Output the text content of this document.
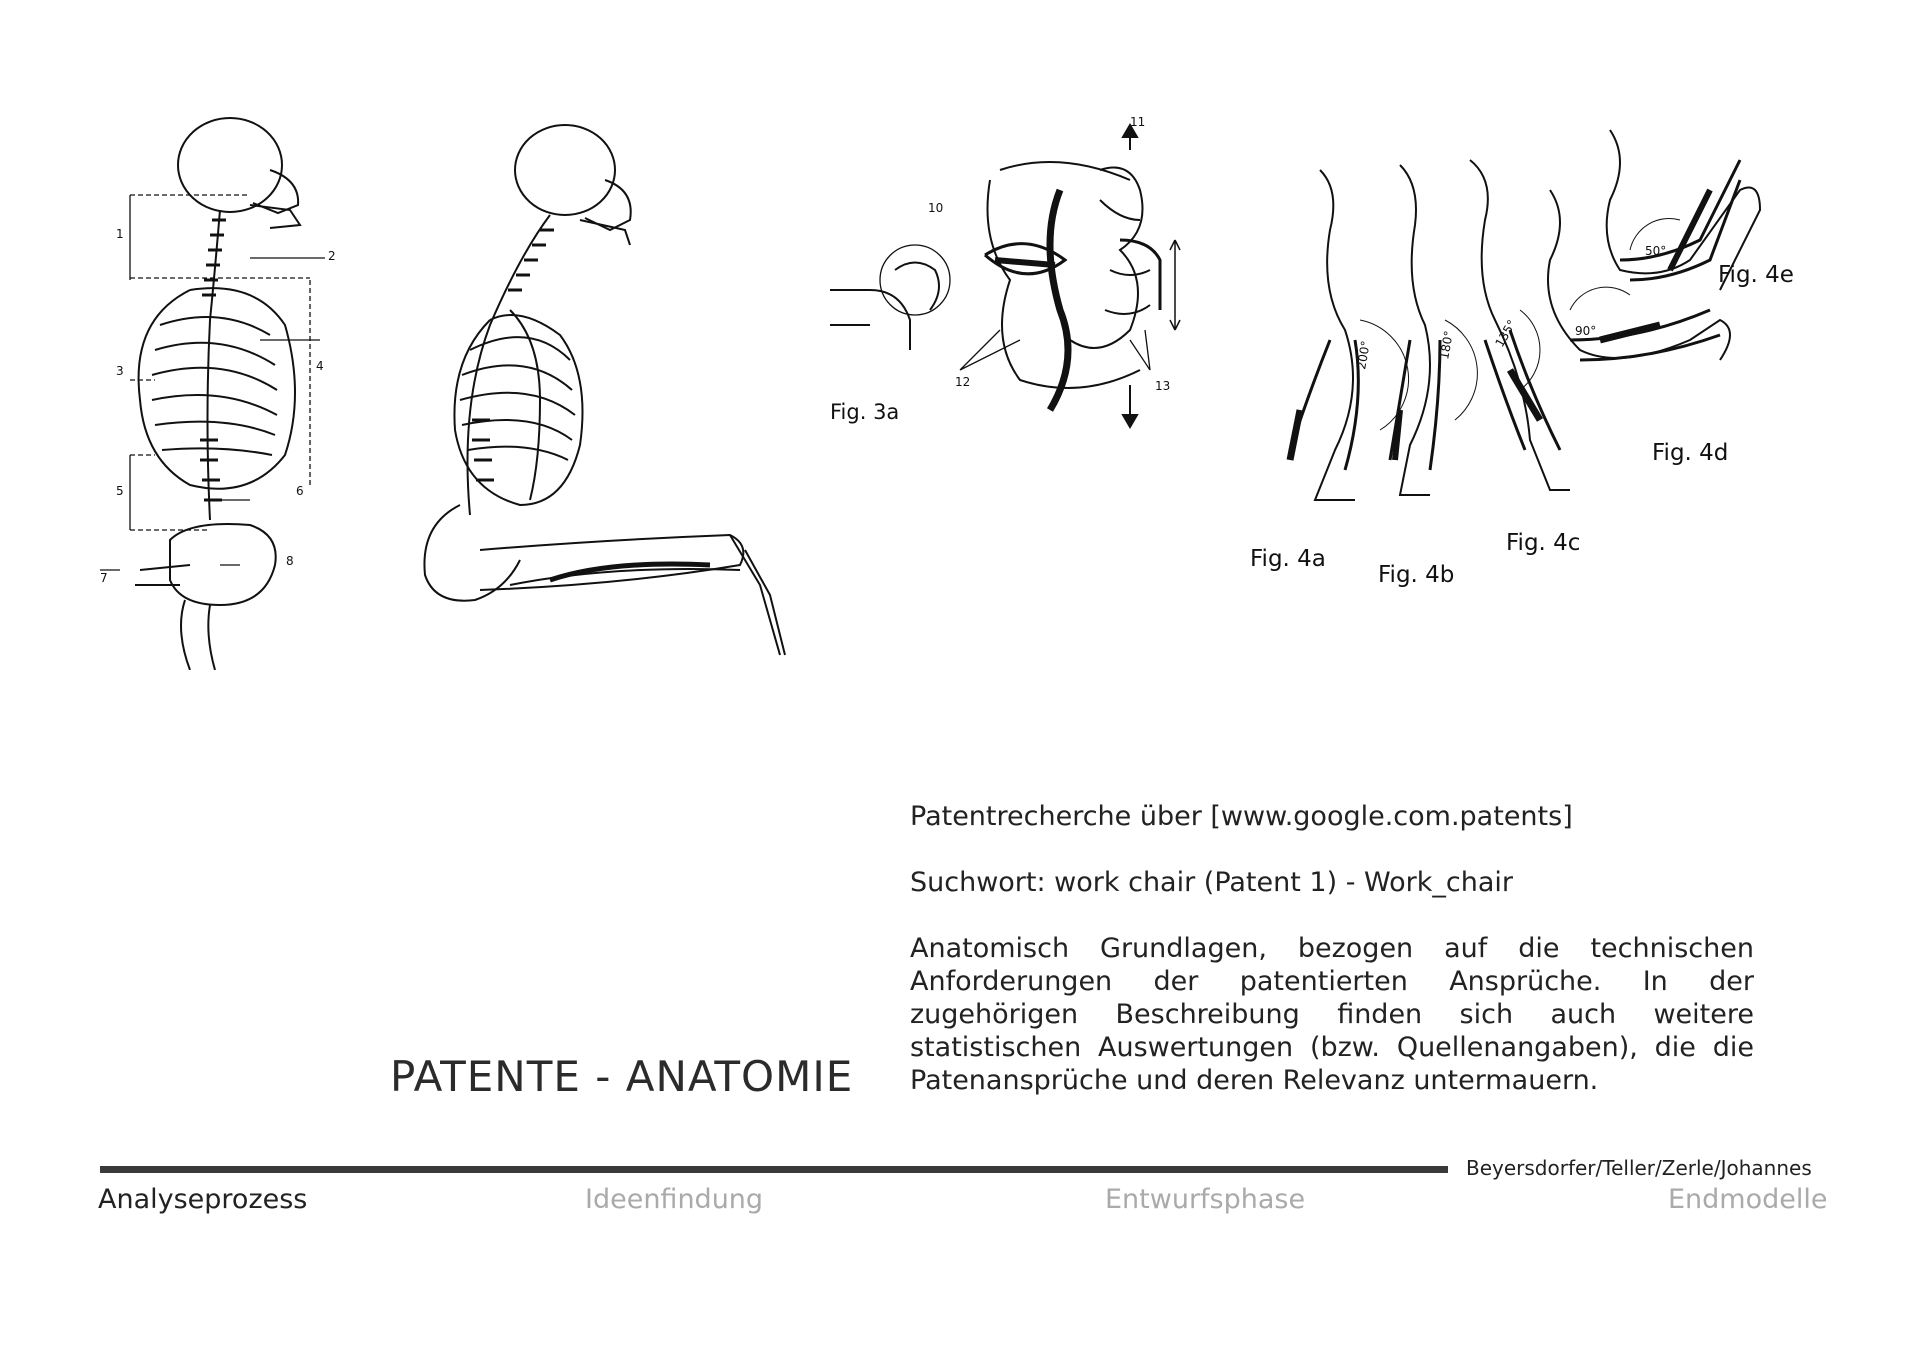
1
2
3	4
5	6
7
8
10
11
12	13
Fig. 3a
200°	180°	135°	90°
50°
Fig. 4a
Fig. 4b
Fig. 4c
Fig. 4d
Fig. 4e
PATENTE - ANATOMIE

Patentrecherche über [www.google.com.patents]

Suchwort: work chair (Patent 1) - Work_chair

Anatomisch Grundlagen, bezogen auf die technischen Anforderungen der patentierten Ansprüche. In der zugehörigen Beschreibung finden sich auch weitere statistischen Auswertungen (bzw. Quellenangaben), die die Patenansprüche und deren Relevanz untermauern.

Beyersdorfer/Teller/Zerle/Johannes
Analyseprozess	Ideenfindung	Entwurfsphase	Endmodelle
